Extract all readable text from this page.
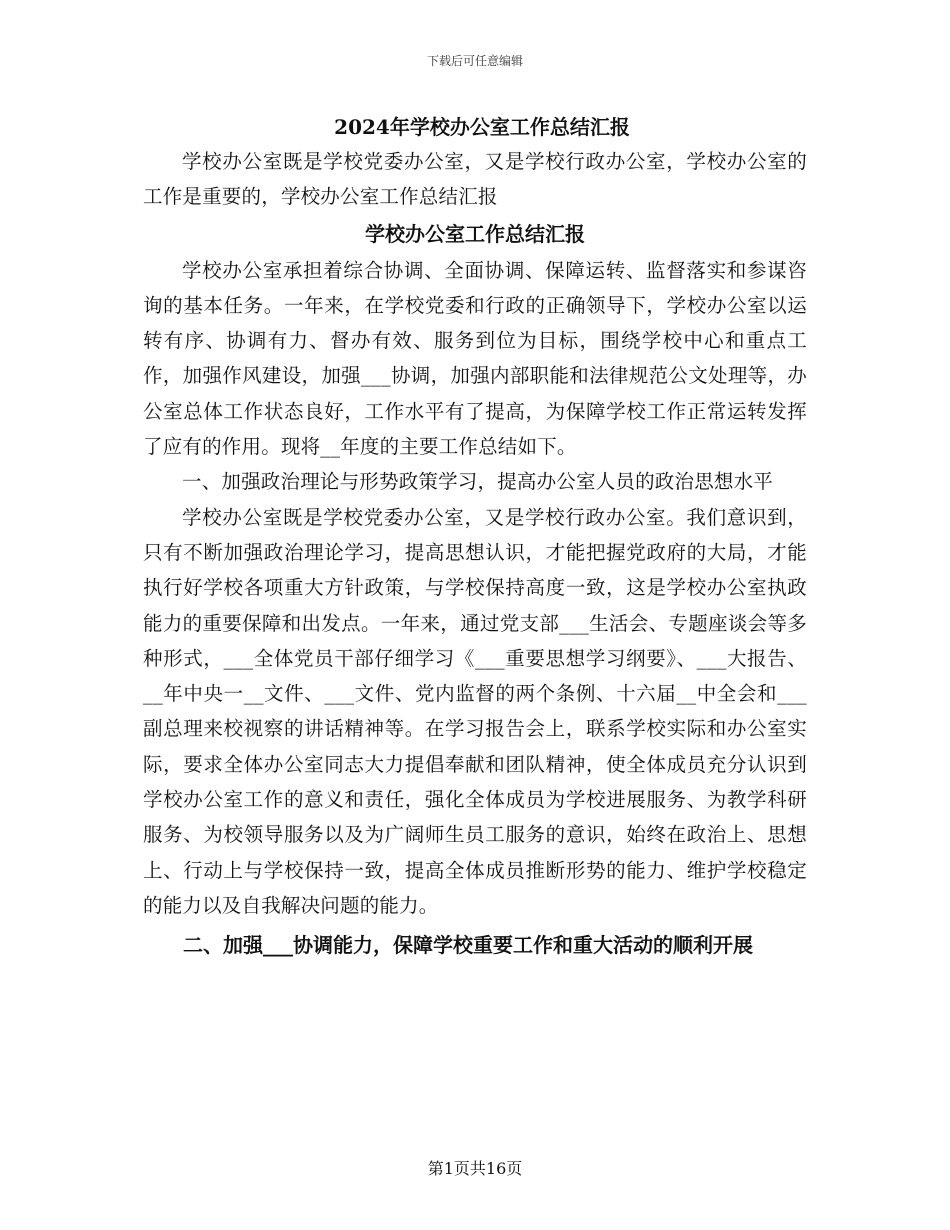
下载后可任意编辑

2024年学校办公室工作总结汇报

学校办公室既是学校党委办公室，又是学校行政办公室，学校办公室的工作是重要的，学校办公室工作总结汇报

学校办公室工作总结汇报

学校办公室承担着综合协调、全面协调、保障运转、监督落实和参谋咨询的基本任务。一年来，在学校党委和行政的正确领导下，学校办公室以运转有序、协调有力、督办有效、服务到位为目标，围绕学校中心和重点工作，加强作风建设，加强___协调，加强内部职能和法律规范公文处理等，办公室总体工作状态良好，工作水平有了提高，为保障学校工作正常运转发挥了应有的作用。现将__年度的主要工作总结如下。

一、加强政治理论与形势政策学习，提高办公室人员的政治思想水平

学校办公室既是学校党委办公室，又是学校行政办公室。我们意识到，只有不断加强政治理论学习，提高思想认识，才能把握党政府的大局，才能执行好学校各项重大方针政策，与学校保持高度一致，这是学校办公室执政能力的重要保障和出发点。一年来，通过党支部___生活会、专题座谈会等多种形式，___全体党员干部仔细学习《___重要思想学习纲要》、___大报告、__年中央一__文件、___文件、党内监督的两个条例、十六届__中全会和___副总理来校视察的讲话精神等。在学习报告会上，联系学校实际和办公室实际，要求全体办公室同志大力提倡奉献和团队精神，使全体成员充分认识到学校办公室工作的意义和责任，强化全体成员为学校进展服务、为教学科研服务、为校领导服务以及为广阔师生员工服务的意识，始终在政治上、思想上、行动上与学校保持一致，提高全体成员推断形势的能力、维护学校稳定的能力以及自我解决问题的能力。

二、加强___协调能力，保障学校重要工作和重大活动的顺利开展

第1页共16页
